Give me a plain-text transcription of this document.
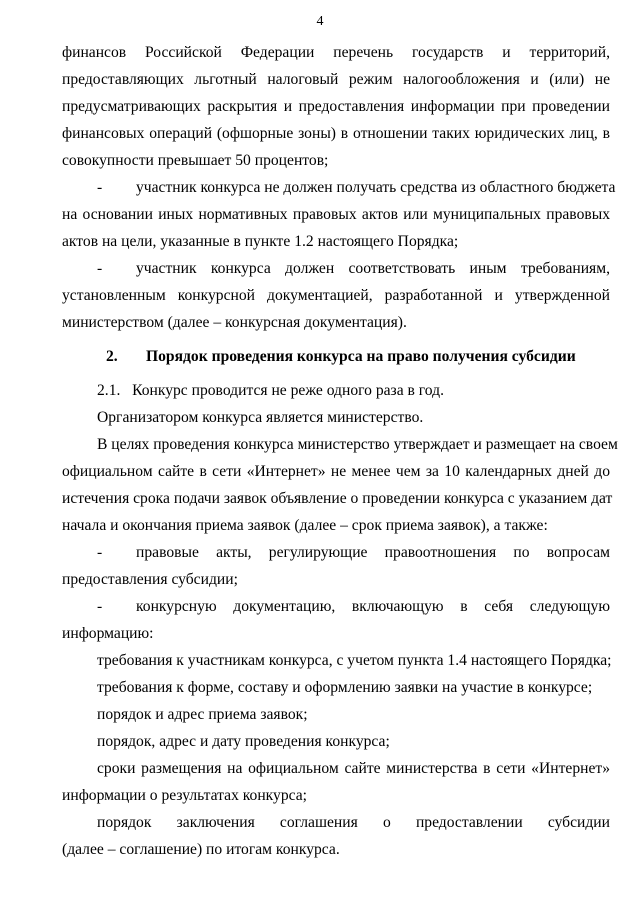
4
финансов Российской Федерации перечень государств и территорий,
предоставляющих льготный налоговый режим налогообложения и (или) не
предусматривающих раскрытия и предоставления информации при проведении
финансовых операций (офшорные зоны) в отношении таких юридических лиц, в
совокупности превышает 50 процентов;
- участник конкурса не должен получать средства из областного бюджета
на основании иных нормативных правовых актов или муниципальных правовых
актов на цели, указанные в пункте 1.2 настоящего Порядка;
- участник конкурса должен соответствовать иным требованиям,
установленным конкурсной документацией, разработанной и утвержденной
министерством (далее – конкурсная документация).
2.	Порядок проведения конкурса на право получения субсидии
2.1.   Конкурс проводится не реже одного раза в год.
Организатором конкурса является министерство.
В целях проведения конкурса министерство утверждает и размещает на своем
официальном сайте в сети «Интернет» не менее чем за 10 календарных дней до
истечения срока подачи заявок объявление о проведении конкурса с указанием дат
начала и окончания приема заявок (далее – срок приема заявок), а также:
- правовые акты, регулирующие правоотношения по вопросам
предоставления субсидии;
- конкурсную документацию, включающую в себя следующую
информацию:
требования к участникам конкурса, с учетом пункта 1.4 настоящего Порядка;
требования к форме, составу и оформлению заявки на участие в конкурсе;
порядок и адрес приема заявок;
порядок, адрес и дату проведения конкурса;
сроки размещения на официальном сайте министерства в сети «Интернет»
информации о результатах конкурса;
порядок заключения соглашения о предоставлении субсидии
(далее – соглашение) по итогам конкурса.
